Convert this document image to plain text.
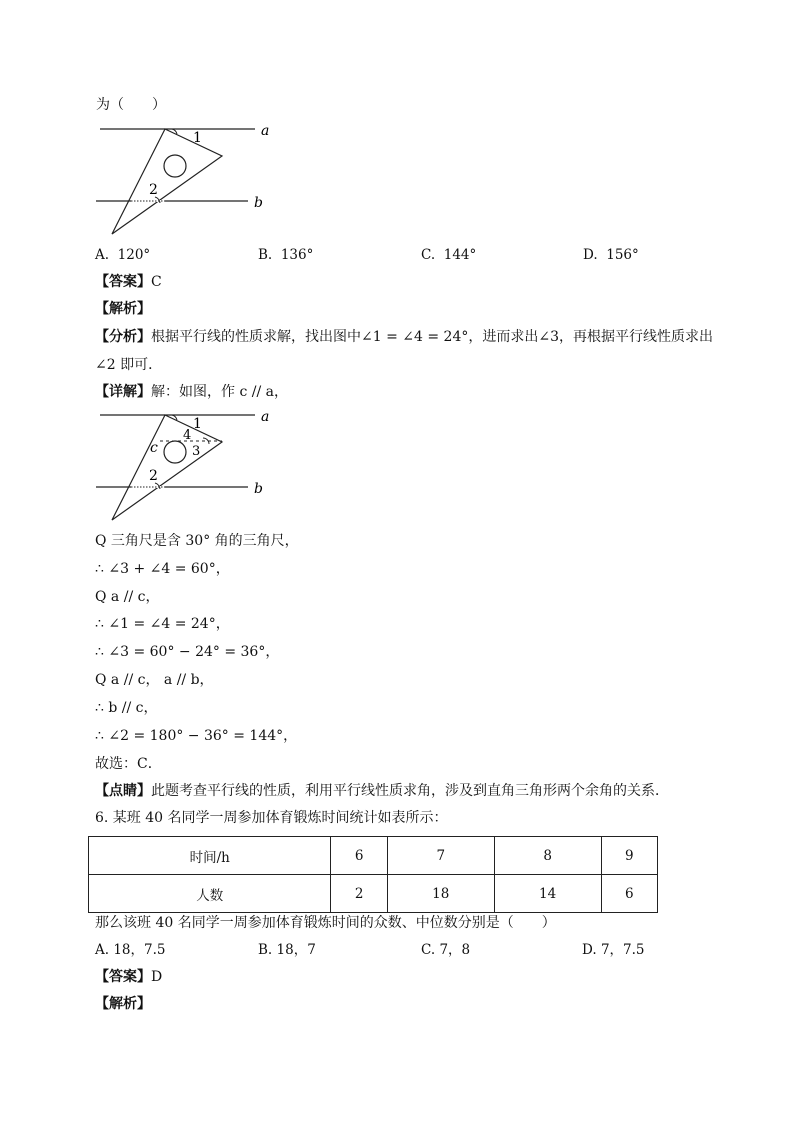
为（　　）
1
2
a
b
A. 120°	B. 136°	C. 144°	D. 156°
【答案】C
【解析】
【分析】根据平行线的性质求解，找出图中∠1 = ∠4 = 24°，进而求出∠3，再根据平行线性质求出
∠2 即可．
【详解】解：如图，作 c // a，
1
4
3
2
c
a
b
Q 三角尺是含 30° 角的三角尺，
∴ ∠3 + ∠4 = 60°，
Q a // c，
∴ ∠1 = ∠4 = 24°，
∴ ∠3 = 60° − 24° = 36°，
Q a // c， a // b，
∴ b // c，
∴ ∠2 = 180° − 36° = 144°，
故选：C．
【点睛】此题考查平行线的性质，利用平行线性质求角，涉及到直角三角形两个余角的关系．
6. 某班 40 名同学一周参加体育锻炼时间统计如表所示：
时间/h	6	7	8	9
人数	2	18	14	6
那么该班 40 名同学一周参加体育锻炼时间的众数、中位数分别是（　　）
A. 18，7.5	B. 18，7	C. 7，8	D. 7，7.5
【答案】D
【解析】
